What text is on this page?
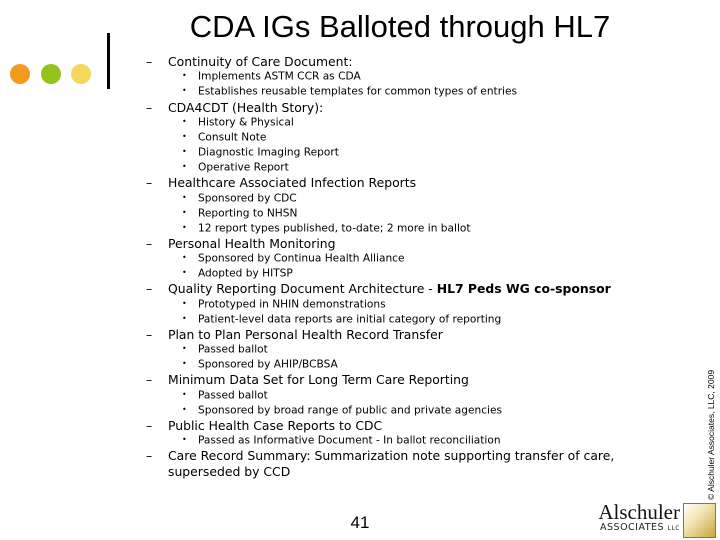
CDA IGs Balloted through HL7
– Continuity of Care Document:
• Implements ASTM CCR as CDA
• Establishes reusable templates for common types of entries
– CDA4CDT (Health Story):
• History & Physical
• Consult Note
• Diagnostic Imaging Report
• Operative Report
– Healthcare Associated Infection Reports
• Sponsored by CDC
• Reporting to NHSN
• 12 report types published, to-date; 2 more in ballot
– Personal Health Monitoring
• Sponsored by Continua Health Alliance
• Adopted by HITSP
– Quality Reporting Document Architecture - HL7 Peds WG co-sponsor
• Prototyped in NHIN demonstrations
• Patient-level data reports are initial category of reporting
– Plan to Plan Personal Health Record Transfer
• Passed ballot
• Sponsored by AHIP/BCBSA
– Minimum Data Set for Long Term Care Reporting
• Passed ballot
• Sponsored by broad range of public and private agencies
– Public Health Case Reports to CDC
• Passed as Informative Document - In ballot reconciliation
– Care Record Summary: Summarization note supporting transfer of care, superseded by CCD
41
© Alschuler Associates, LLC, 2009
Alschuler
ASSOCIATES LLC
